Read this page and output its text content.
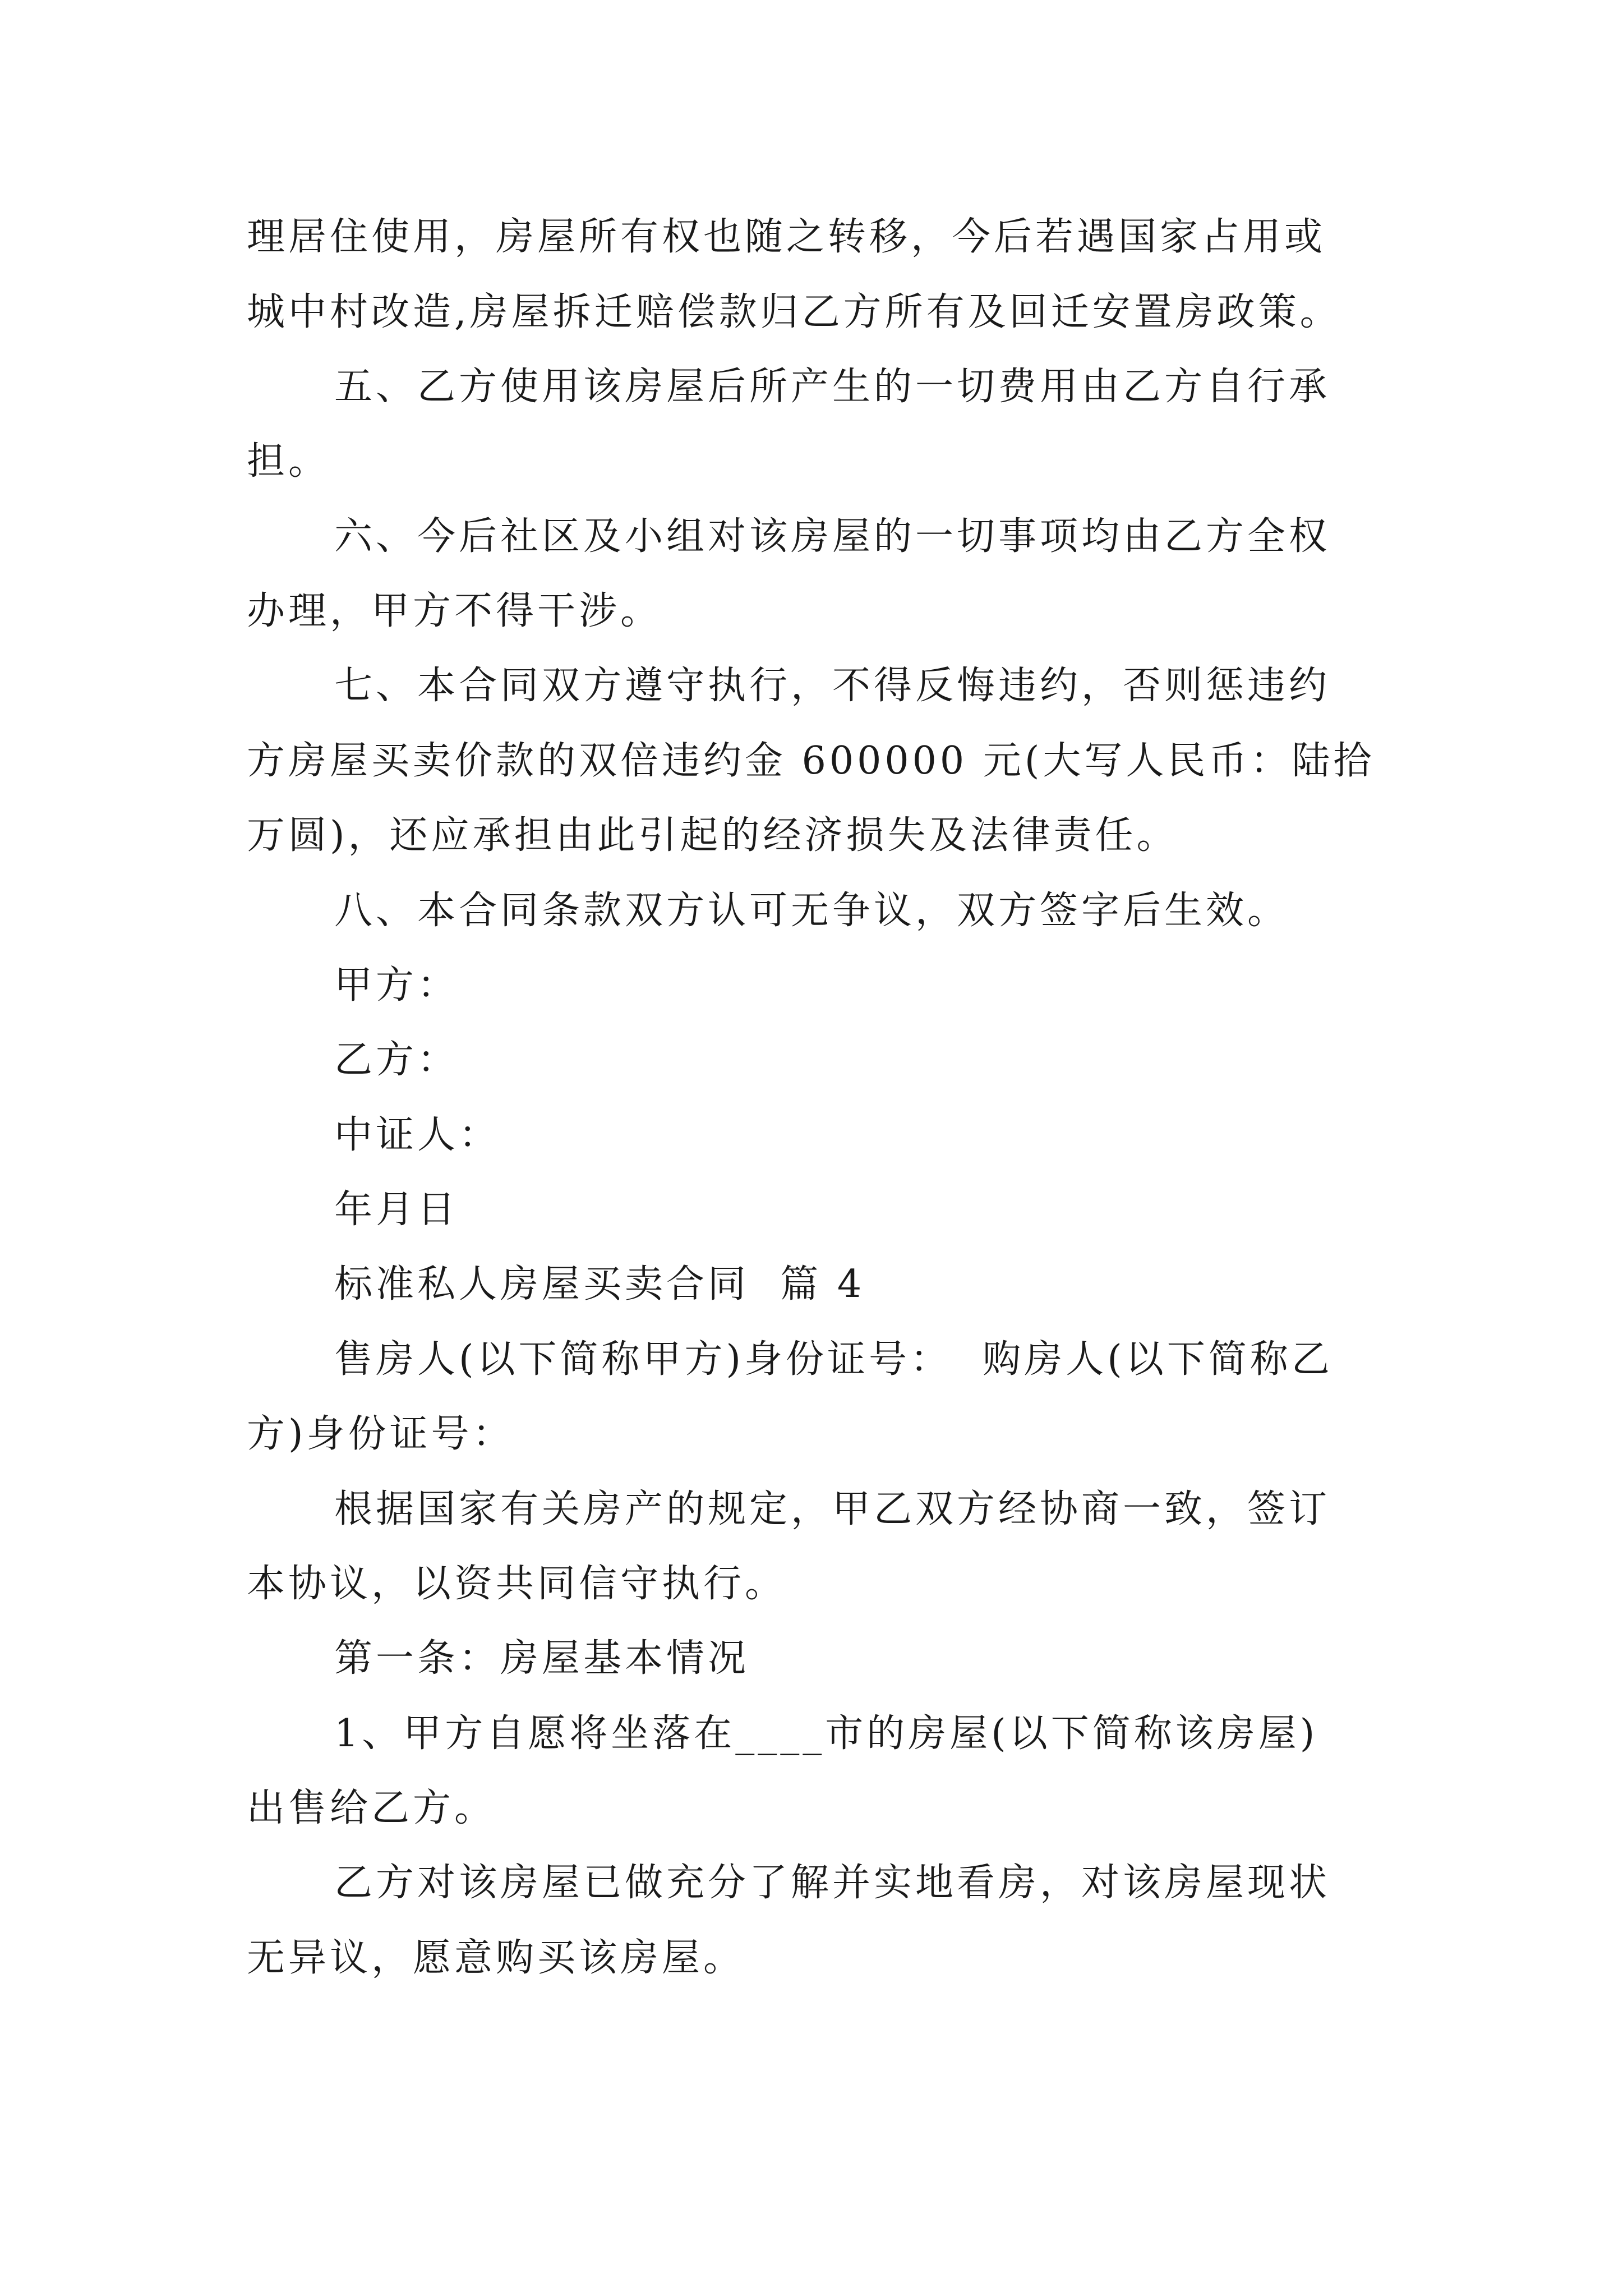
理居住使用，房屋所有权也随之转移，今后若遇国家占用或
城中村改造,房屋拆迁赔偿款归乙方所有及回迁安置房政策。
五、乙方使用该房屋后所产生的一切费用由乙方自行承
担。
六、今后社区及小组对该房屋的一切事项均由乙方全权
办理，甲方不得干涉。
七、本合同双方遵守执行，不得反悔违约，否则惩违约
方房屋买卖价款的双倍违约金 600000 元(大写人民币：陆拾
万圆)，还应承担由此引起的经济损失及法律责任。
八、本合同条款双方认可无争议，双方签字后生效。
甲方：
乙方：
中证人：
年月日
标准私人房屋买卖合同  篇 4
售房人(以下简称甲方)身份证号：  购房人(以下简称乙
方)身份证号：
根据国家有关房产的规定，甲乙双方经协商一致，签订
本协议，以资共同信守执行。
第一条：房屋基本情况
1、甲方自愿将坐落在____市的房屋(以下简称该房屋)
出售给乙方。
乙方对该房屋已做充分了解并实地看房，对该房屋现状
无异议，愿意购买该房屋。
